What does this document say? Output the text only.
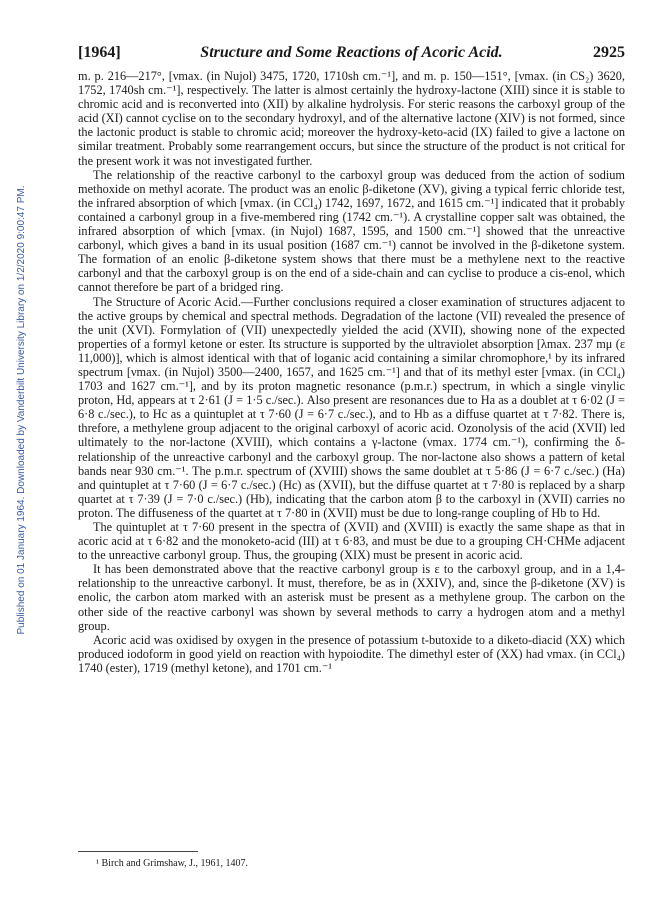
Published on 01 January 1964. Downloaded by Vanderbilt University Library on 1/2/2020 9:00:47 PM.
[1964]	Structure and Some Reactions of Acoric Acid.	2925

m. p. 216—217°, [νmax. (in Nujol) 3475, 1720, 1710sh cm.⁻¹], and m. p. 150—151°, [νmax. (in CS₂) 3620, 1752, 1740sh cm.⁻¹], respectively. The latter is almost certainly the hydroxy-lactone (XIII) since it is stable to chromic acid and is reconverted into (XII) by alkaline hydrolysis. For steric reasons the carboxyl group of the acid (XI) cannot cyclise on to the secondary hydroxyl, and of the alternative lactone (XIV) is not formed, since the lactonic product is stable to chromic acid; moreover the hydroxy-keto-acid (IX) failed to give a lactone on similar treatment. Probably some rearrangement occurs, but since the structure of the product is not critical for the present work it was not investigated further.

The relationship of the reactive carbonyl to the carboxyl group was deduced from the action of sodium methoxide on methyl acorate. The product was an enolic β-diketone (XV), giving a typical ferric chloride test, the infrared absorption of which [νmax. (in CCl₄) 1742, 1697, 1672, and 1615 cm.⁻¹] indicated that it probably contained a carbonyl group in a five-membered ring (1742 cm.⁻¹). A crystalline copper salt was obtained, the infrared absorption of which [νmax. (in Nujol) 1687, 1595, and 1500 cm.⁻¹] showed that the unreactive carbonyl, which gives a band in its usual position (1687 cm.⁻¹) cannot be involved in the β-diketone system. The formation of an enolic β-diketone system shows that there must be a methylene next to the reactive carbonyl and that the carboxyl group is on the end of a side-chain and can cyclise to produce a cis-enol, which cannot therefore be part of a bridged ring.

The Structure of Acoric Acid.—Further conclusions required a closer examination of structures adjacent to the active groups by chemical and spectral methods. Degradation of the lactone (VII) revealed the presence of the unit (XVI). Formylation of (VII) unexpectedly yielded the acid (XVII), showing none of the expected properties of a formyl ketone or ester. Its structure is supported by the ultraviolet absorption [λmax. 237 mμ (ε 11,000)], which is almost identical with that of loganic acid containing a similar chromophore,¹ by its infrared spectrum [νmax. (in Nujol) 3500—2400, 1657, and 1625 cm.⁻¹] and that of its methyl ester [νmax. (in CCl₄) 1703 and 1627 cm.⁻¹], and by its proton magnetic resonance (p.m.r.) spectrum, in which a single vinylic proton, Hd, appears at τ 2·61 (J = 1·5 c./sec.). Also present are resonances due to Ha as a doublet at τ 6·02 (J = 6·8 c./sec.), to Hc as a quintuplet at τ 7·60 (J = 6·7 c./sec.), and to Hb as a diffuse quartet at τ 7·82. There is, threfore, a methylene group adjacent to the original carboxyl of acoric acid. Ozonolysis of the acid (XVII) led ultimately to the nor-lactone (XVIII), which contains a γ-lactone (νmax. 1774 cm.⁻¹), confirming the δ-relationship of the unreactive carbonyl and the carboxyl group. The nor-lactone also shows a pattern of ketal bands near 930 cm.⁻¹. The p.m.r. spectrum of (XVIII) shows the same doublet at τ 5·86 (J = 6·7 c./sec.) (Ha) and quintuplet at τ 7·60 (J = 6·7 c./sec.) (Hc) as (XVII), but the diffuse quartet at τ 7·80 is replaced by a sharp quartet at τ 7·39 (J = 7·0 c./sec.) (Hb), indicating that the carbon atom β to the carboxyl in (XVII) carries no proton. The diffuseness of the quartet at τ 7·80 in (XVII) must be due to long-range coupling of Hb to Hd.

The quintuplet at τ 7·60 present in the spectra of (XVII) and (XVIII) is exactly the same shape as that in acoric acid at τ 6·82 and the monoketo-acid (III) at τ 6·83, and must be due to a grouping CH·CHMe adjacent to the unreactive carbonyl group. Thus, the grouping (XIX) must be present in acoric acid.

It has been demonstrated above that the reactive carbonyl group is ε to the carboxyl group, and in a 1,4-relationship to the unreactive carbonyl. It must, therefore, be as in (XXIV), and, since the β-diketone (XV) is enolic, the carbon atom marked with an asterisk must be present as a methylene group. The carbon on the other side of the reactive carbonyl was shown by several methods to carry a hydrogen atom and a methyl group.

Acoric acid was oxidised by oxygen in the presence of potassium t-butoxide to a diketo-diacid (XX) which produced iodoform in good yield on reaction with hypoiodite. The dimethyl ester of (XX) had νmax. (in CCl₄) 1740 (ester), 1719 (methyl ketone), and 1701 cm.⁻¹

¹ Birch and Grimshaw, J., 1961, 1407.
